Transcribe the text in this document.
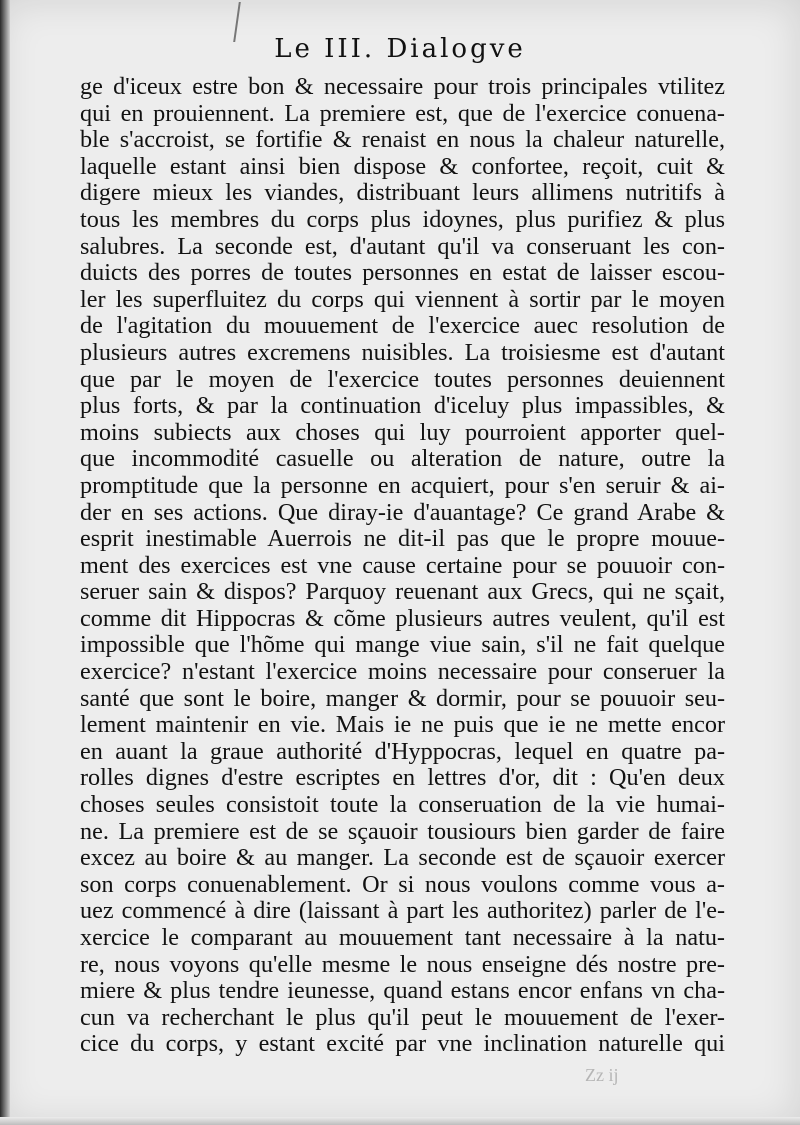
Le III. Dialogve
ge d'iceux estre bon & necessaire pour trois principales vtilitez
qui en prouiennent. La premiere est, que de l'exercice conuena-
ble s'accroist, se fortifie & renaist en nous la chaleur naturelle,
laquelle estant ainsi bien dispose & confortee, reçoit, cuit &
digere mieux les viandes, distribuant leurs allimens nutritifs à
tous les membres du corps plus idoynes, plus purifiez & plus
salubres. La seconde est, d'autant qu'il va conseruant les con-
duicts des porres de toutes personnes en estat de laisser escou-
ler les superfluitez du corps qui viennent à sortir par le moyen
de l'agitation du mouuement de l'exercice auec resolution de
plusieurs autres excremens nuisibles. La troisiesme est d'autant
que par le moyen de l'exercice toutes personnes deuiennent
plus forts, & par la continuation d'iceluy plus impassibles, &
moins subiects aux choses qui luy pourroient apporter quel-
que incommodité casuelle ou alteration de nature, outre la
promptitude que la personne en acquiert, pour s'en seruir & ai-
der en ses actions. Que diray-ie d'auantage? Ce grand Arabe &
esprit inestimable Auerrois ne dit-il pas que le propre mouue-
ment des exercices est vne cause certaine pour se pouuoir con-
seruer sain & dispos? Parquoy reuenant aux Grecs, qui ne sçait,
comme dit Hippocras & cõme plusieurs autres veulent, qu'il est
impossible que l'hõme qui mange viue sain, s'il ne fait quelque
exercice? n'estant l'exercice moins necessaire pour conseruer la
santé que sont le boire, manger & dormir, pour se pouuoir seu-
lement maintenir en vie. Mais ie ne puis que ie ne mette encor
en auant la graue authorité d'Hyppocras, lequel en quatre pa-
rolles dignes d'estre escriptes en lettres d'or, dit : Qu'en deux
choses seules consistoit toute la conseruation de la vie humai-
ne. La premiere est de se sçauoir tousiours bien garder de faire
excez au boire & au manger. La seconde est de sçauoir exercer
son corps conuenablement. Or si nous voulons comme vous a-
uez commencé à dire (laissant à part les authoritez) parler de l'e-
xercice le comparant au mouuement tant necessaire à la natu-
re, nous voyons qu'elle mesme le nous enseigne dés nostre pre-
miere & plus tendre ieunesse, quand estans encor enfans vn cha-
cun va recherchant le plus qu'il peut le mouuement de l'exer-
cice du corps, y estant excité par vne inclination naturelle qui
Zz ij
